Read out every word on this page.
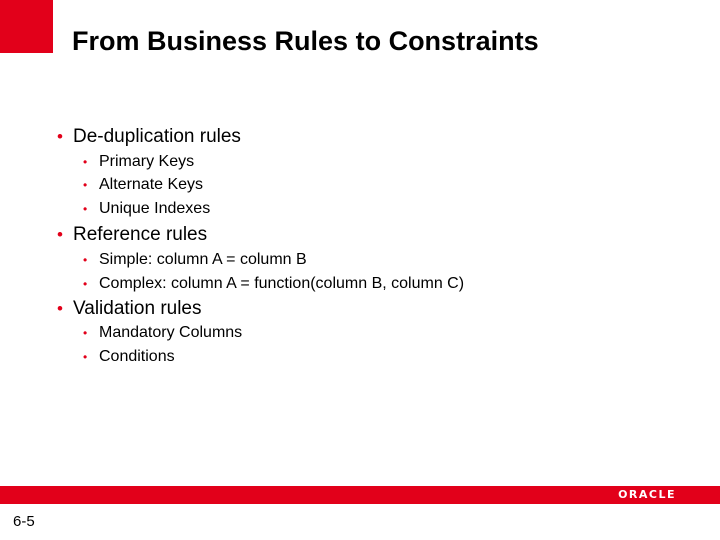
From Business Rules to Constraints
• De-duplication rules
• Primary Keys
• Alternate Keys
• Unique Indexes
• Reference rules
• Simple: column A = column B
• Complex: column A = function(column B, column C)
• Validation rules
• Mandatory Columns
• Conditions
ORACLE
6-5
